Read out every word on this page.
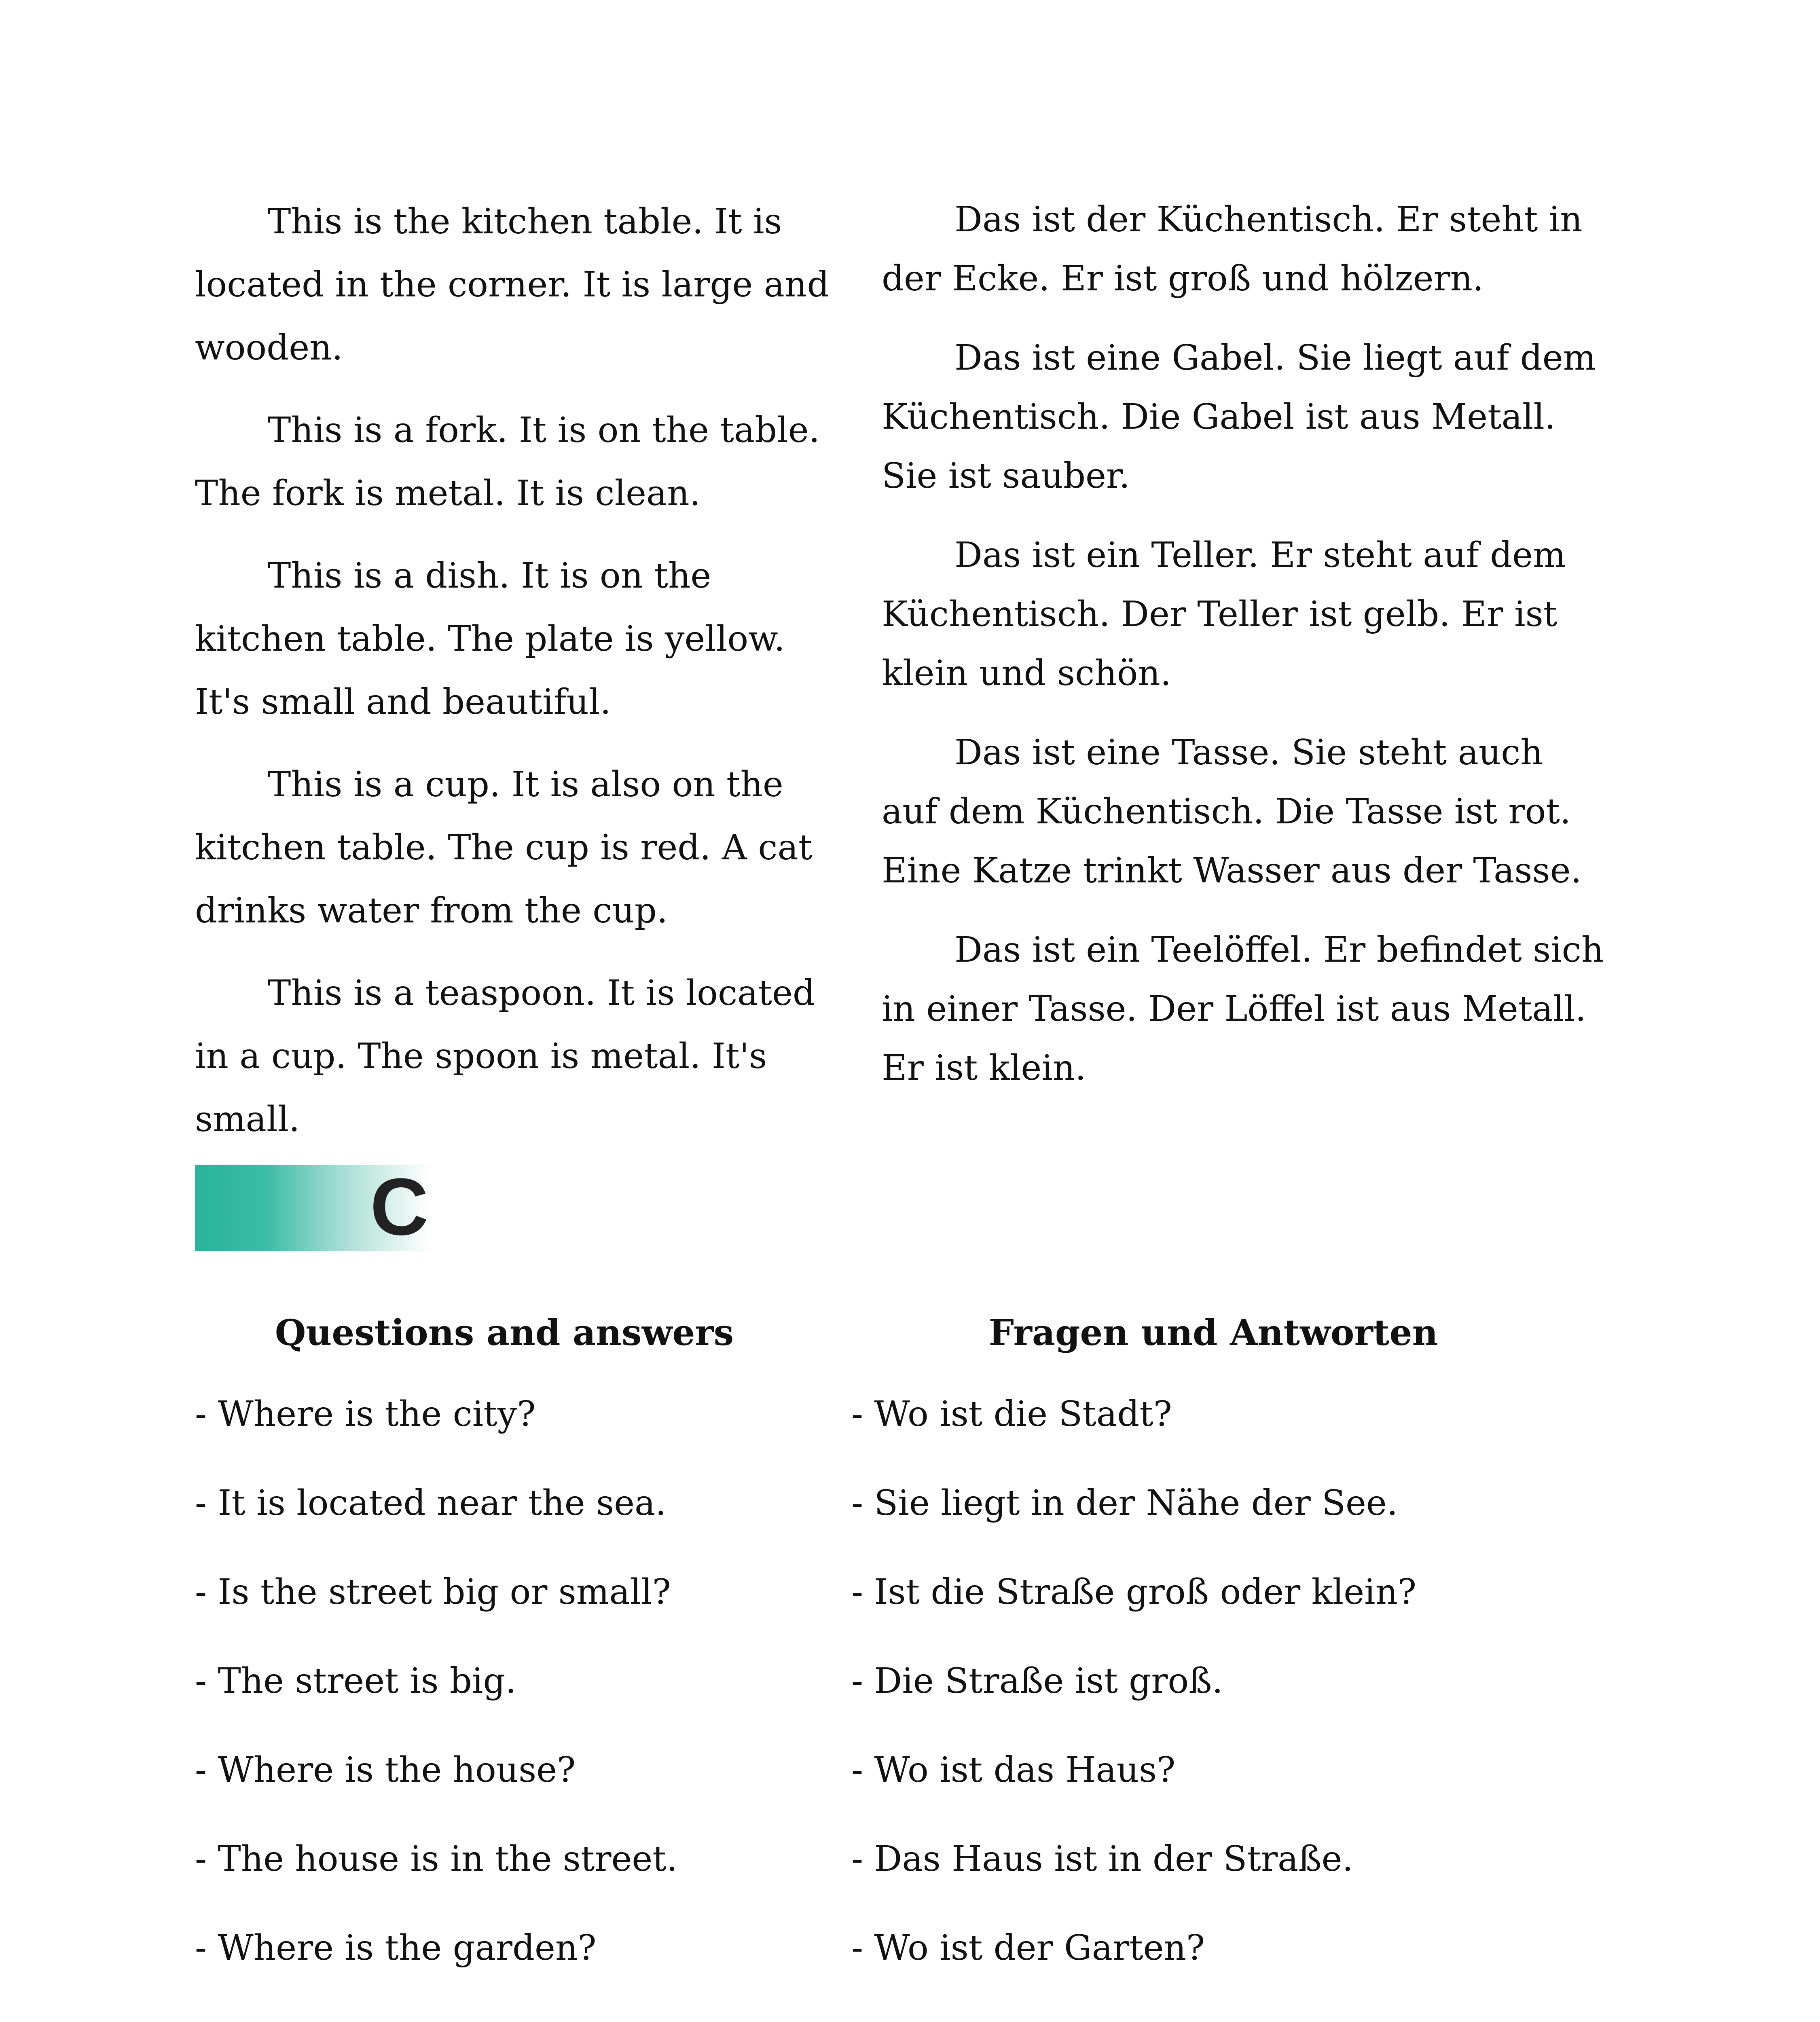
This is the kitchen table. It is located in the corner. It is large and wooden.

This is a fork. It is on the table. The fork is metal. It is clean.

This is a dish. It is on the kitchen table. The plate is yellow. It's small and beautiful.

This is a cup. It is also on the kitchen table. The cup is red. A cat drinks water from the cup.

This is a teaspoon. It is located in a cup. The spoon is metal. It's small.

Das ist der Küchentisch. Er steht in der Ecke. Er ist groß und hölzern.

Das ist eine Gabel. Sie liegt auf dem Küchentisch. Die Gabel ist aus Metall. Sie ist sauber.

Das ist ein Teller. Er steht auf dem Küchentisch. Der Teller ist gelb. Er ist klein und schön.

Das ist eine Tasse. Sie steht auch auf dem Küchentisch. Die Tasse ist rot. Eine Katze trinkt Wasser aus der Tasse.

Das ist ein Teelöffel. Er befindet sich in einer Tasse. Der Löffel ist aus Metall. Er ist klein.

C
Questions and answers	Fragen und Antworten
- Where is the city?
- It is located near the sea.
- Is the street big or small?
- The street is big.
- Where is the house?
- The house is in the street.
- Where is the garden?
- Wo ist die Stadt?
- Sie liegt in der Nähe der See.
- Ist die Straße groß oder klein?
- Die Straße ist groß.
- Wo ist das Haus?
- Das Haus ist in der Straße.
- Wo ist der Garten?
